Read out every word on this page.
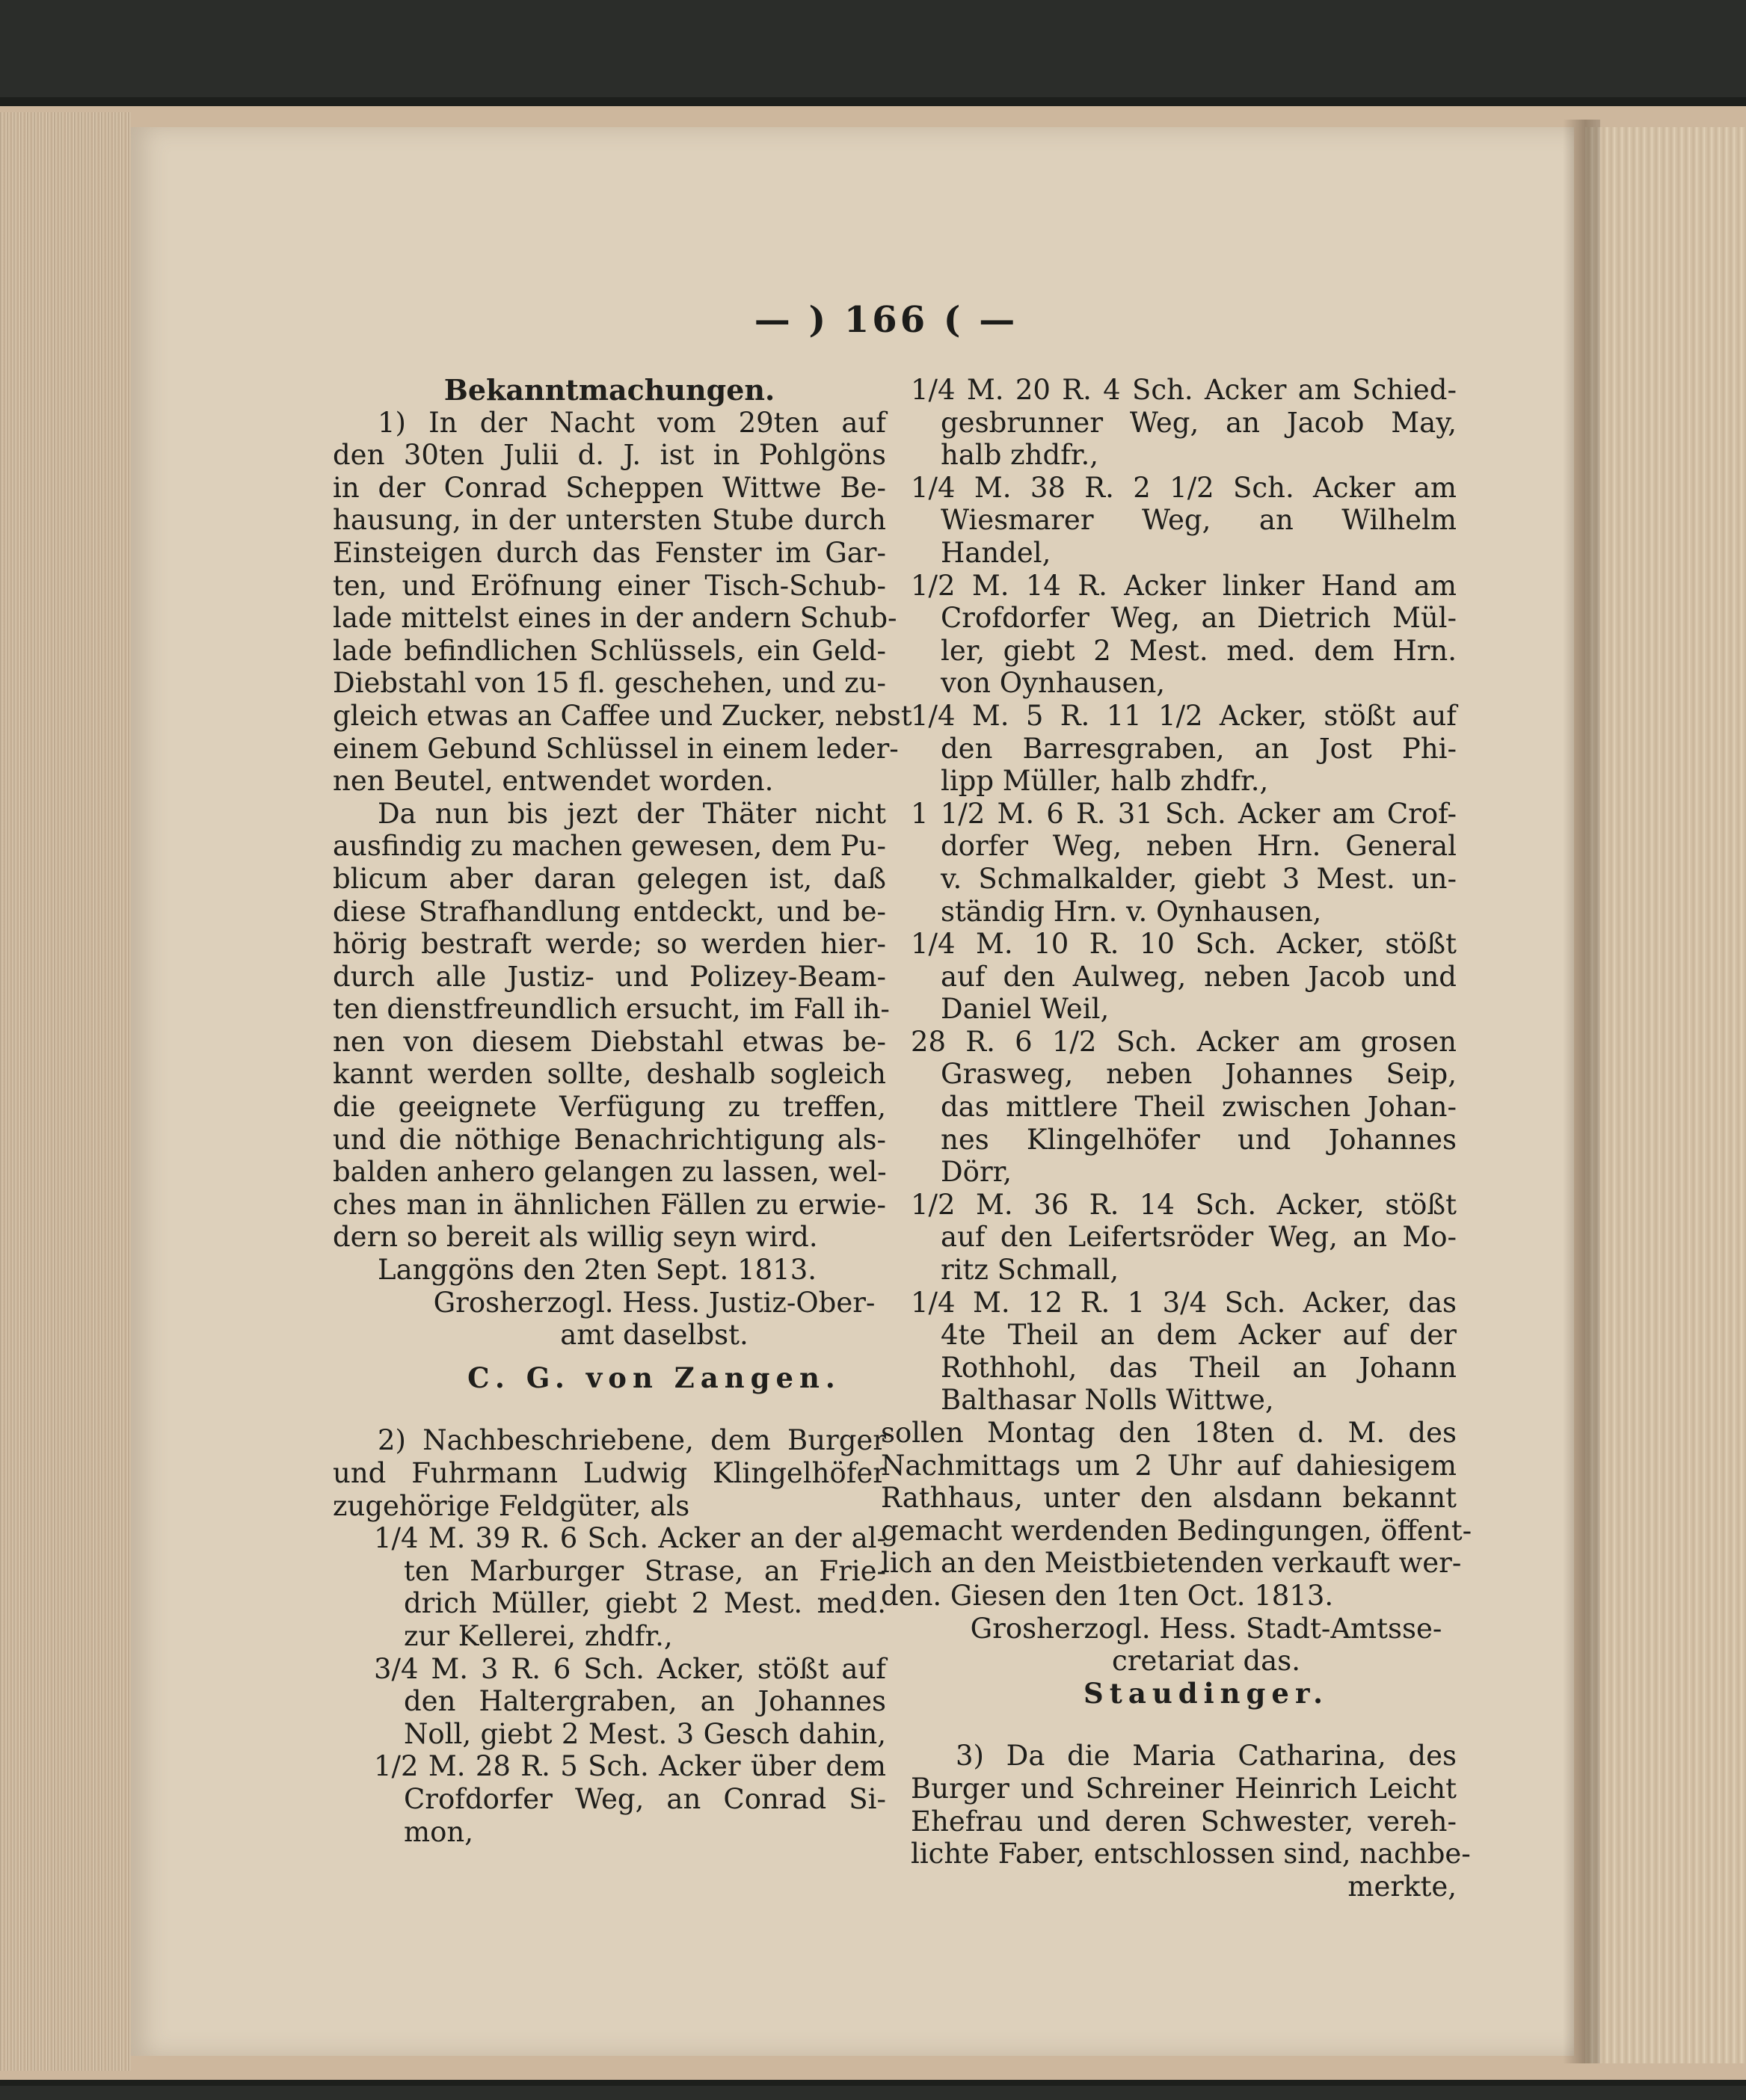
— ) 166 ( —
Bekanntmachungen.
1) In der Nacht vom 29ten auf
den 30ten Julii d. J. ist in Pohlgöns
in der Conrad Scheppen Wittwe Be-
hausung, in der untersten Stube durch
Einsteigen durch das Fenster im Gar-
ten, und Eröfnung einer Tisch-Schub-
lade mittelst eines in der andern Schub-
lade befindlichen Schlüssels, ein Geld-
Diebstahl von 15 fl. geschehen, und zu-
gleich etwas an Caffee und Zucker, nebst
einem Gebund Schlüssel in einem leder-
nen Beutel, entwendet worden.
Da nun bis jezt der Thäter nicht
ausfindig zu machen gewesen, dem Pu-
blicum aber daran gelegen ist, daß
diese Strafhandlung entdeckt, und be-
hörig bestraft werde; so werden hier-
durch alle Justiz- und Polizey-Beam-
ten dienstfreundlich ersucht, im Fall ih-
nen von diesem Diebstahl etwas be-
kannt werden sollte, deshalb sogleich
die geeignete Verfügung zu treffen,
und die nöthige Benachrichtigung als-
balden anhero gelangen zu lassen, wel-
ches man in ähnlichen Fällen zu erwie-
dern so bereit als willig seyn wird.
Langgöns den 2ten Sept. 1813.
Grosherzogl. Hess. Justiz-Ober-
amt daselbst.
C. G. von Zangen.
2) Nachbeschriebene, dem Burger
und Fuhrmann Ludwig Klingelhöfer
zugehörige Feldgüter, als
1/4 M. 39 R. 6 Sch. Acker an der al-
ten Marburger Strase, an Frie-
drich Müller, giebt 2 Mest. med.
zur Kellerei, zhdfr.,
3/4 M. 3 R. 6 Sch. Acker, stößt auf
den Haltergraben, an Johannes
Noll, giebt 2 Mest. 3 Gesch dahin,
1/2 M. 28 R. 5 Sch. Acker über dem
Crofdorfer Weg, an Conrad Si-
mon,
1/4 M. 20 R. 4 Sch. Acker am Schied-
gesbrunner Weg, an Jacob May,
halb zhdfr.,
1/4 M. 38 R. 2 1/2 Sch. Acker am
Wiesmarer Weg, an Wilhelm
Handel,
1/2 M. 14 R. Acker linker Hand am
Crofdorfer Weg, an Dietrich Mül-
ler, giebt 2 Mest. med. dem Hrn.
von Oynhausen,
1/4 M. 5 R. 11 1/2 Acker, stößt auf
den Barresgraben, an Jost Phi-
lipp Müller, halb zhdfr.,
1 1/2 M. 6 R. 31 Sch. Acker am Crof-
dorfer Weg, neben Hrn. General
v. Schmalkalder, giebt 3 Mest. un-
ständig Hrn. v. Oynhausen,
1/4 M. 10 R. 10 Sch. Acker, stößt
auf den Aulweg, neben Jacob und
Daniel Weil,
28 R. 6 1/2 Sch. Acker am grosen
Grasweg, neben Johannes Seip,
das mittlere Theil zwischen Johan-
nes Klingelhöfer und Johannes
Dörr,
1/2 M. 36 R. 14 Sch. Acker, stößt
auf den Leifertsröder Weg, an Mo-
ritz Schmall,
1/4 M. 12 R. 1 3/4 Sch. Acker, das
4te Theil an dem Acker auf der
Rothhohl, das Theil an Johann
Balthasar Nolls Wittwe,
sollen Montag den 18ten d. M. des
Nachmittags um 2 Uhr auf dahiesigem
Rathhaus, unter den alsdann bekannt
gemacht werdenden Bedingungen, öffent-
lich an den Meistbietenden verkauft wer-
den. Giesen den 1ten Oct. 1813.
Grosherzogl. Hess. Stadt-Amtsse-
cretariat das.
Staudinger.
3) Da die Maria Catharina, des
Burger und Schreiner Heinrich Leicht
Ehefrau und deren Schwester, vereh-
lichte Faber, entschlossen sind, nachbe-
merkte,
